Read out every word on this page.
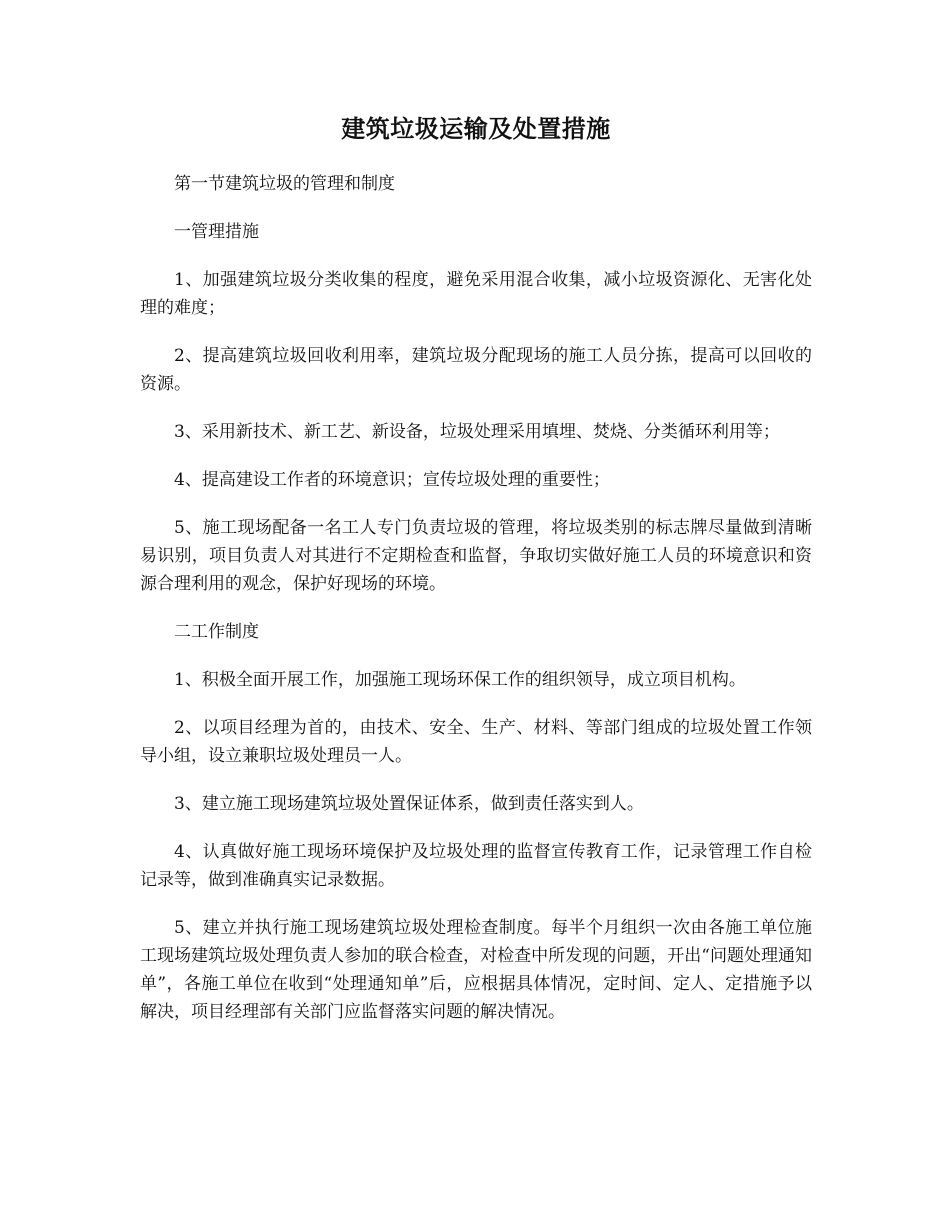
建筑垃圾运输及处置措施

第一节建筑垃圾的管理和制度

一管理措施

1、加强建筑垃圾分类收集的程度，避免采用混合收集，减小垃圾资源化、无害化处理的难度；

2、提高建筑垃圾回收利用率，建筑垃圾分配现场的施工人员分拣，提高可以回收的资源。

3、采用新技术、新工艺、新设备，垃圾处理采用填埋、焚烧、分类循环利用等；

4、提高建设工作者的环境意识；宣传垃圾处理的重要性；

5、施工现场配备一名工人专门负责垃圾的管理，将垃圾类别的标志牌尽量做到清晰易识别，项目负责人对其进行不定期检查和监督，争取切实做好施工人员的环境意识和资源合理利用的观念，保护好现场的环境。

二工作制度

1、积极全面开展工作，加强施工现场环保工作的组织领导，成立项目机构。

2、以项目经理为首的，由技术、安全、生产、材料、等部门组成的垃圾处置工作领导小组，设立兼职垃圾处理员一人。

3、建立施工现场建筑垃圾处置保证体系，做到责任落实到人。

4、认真做好施工现场环境保护及垃圾处理的监督宣传教育工作，记录管理工作自检记录等，做到准确真实记录数据。

5、建立并执行施工现场建筑垃圾处理检查制度。每半个月组织一次由各施工单位施工现场建筑垃圾处理负责人参加的联合检查，对检查中所发现的问题，开出“问题处理通知单”，各施工单位在收到“处理通知单”后，应根据具体情况，定时间、定人、定措施予以解决，项目经理部有关部门应监督落实问题的解决情况。
